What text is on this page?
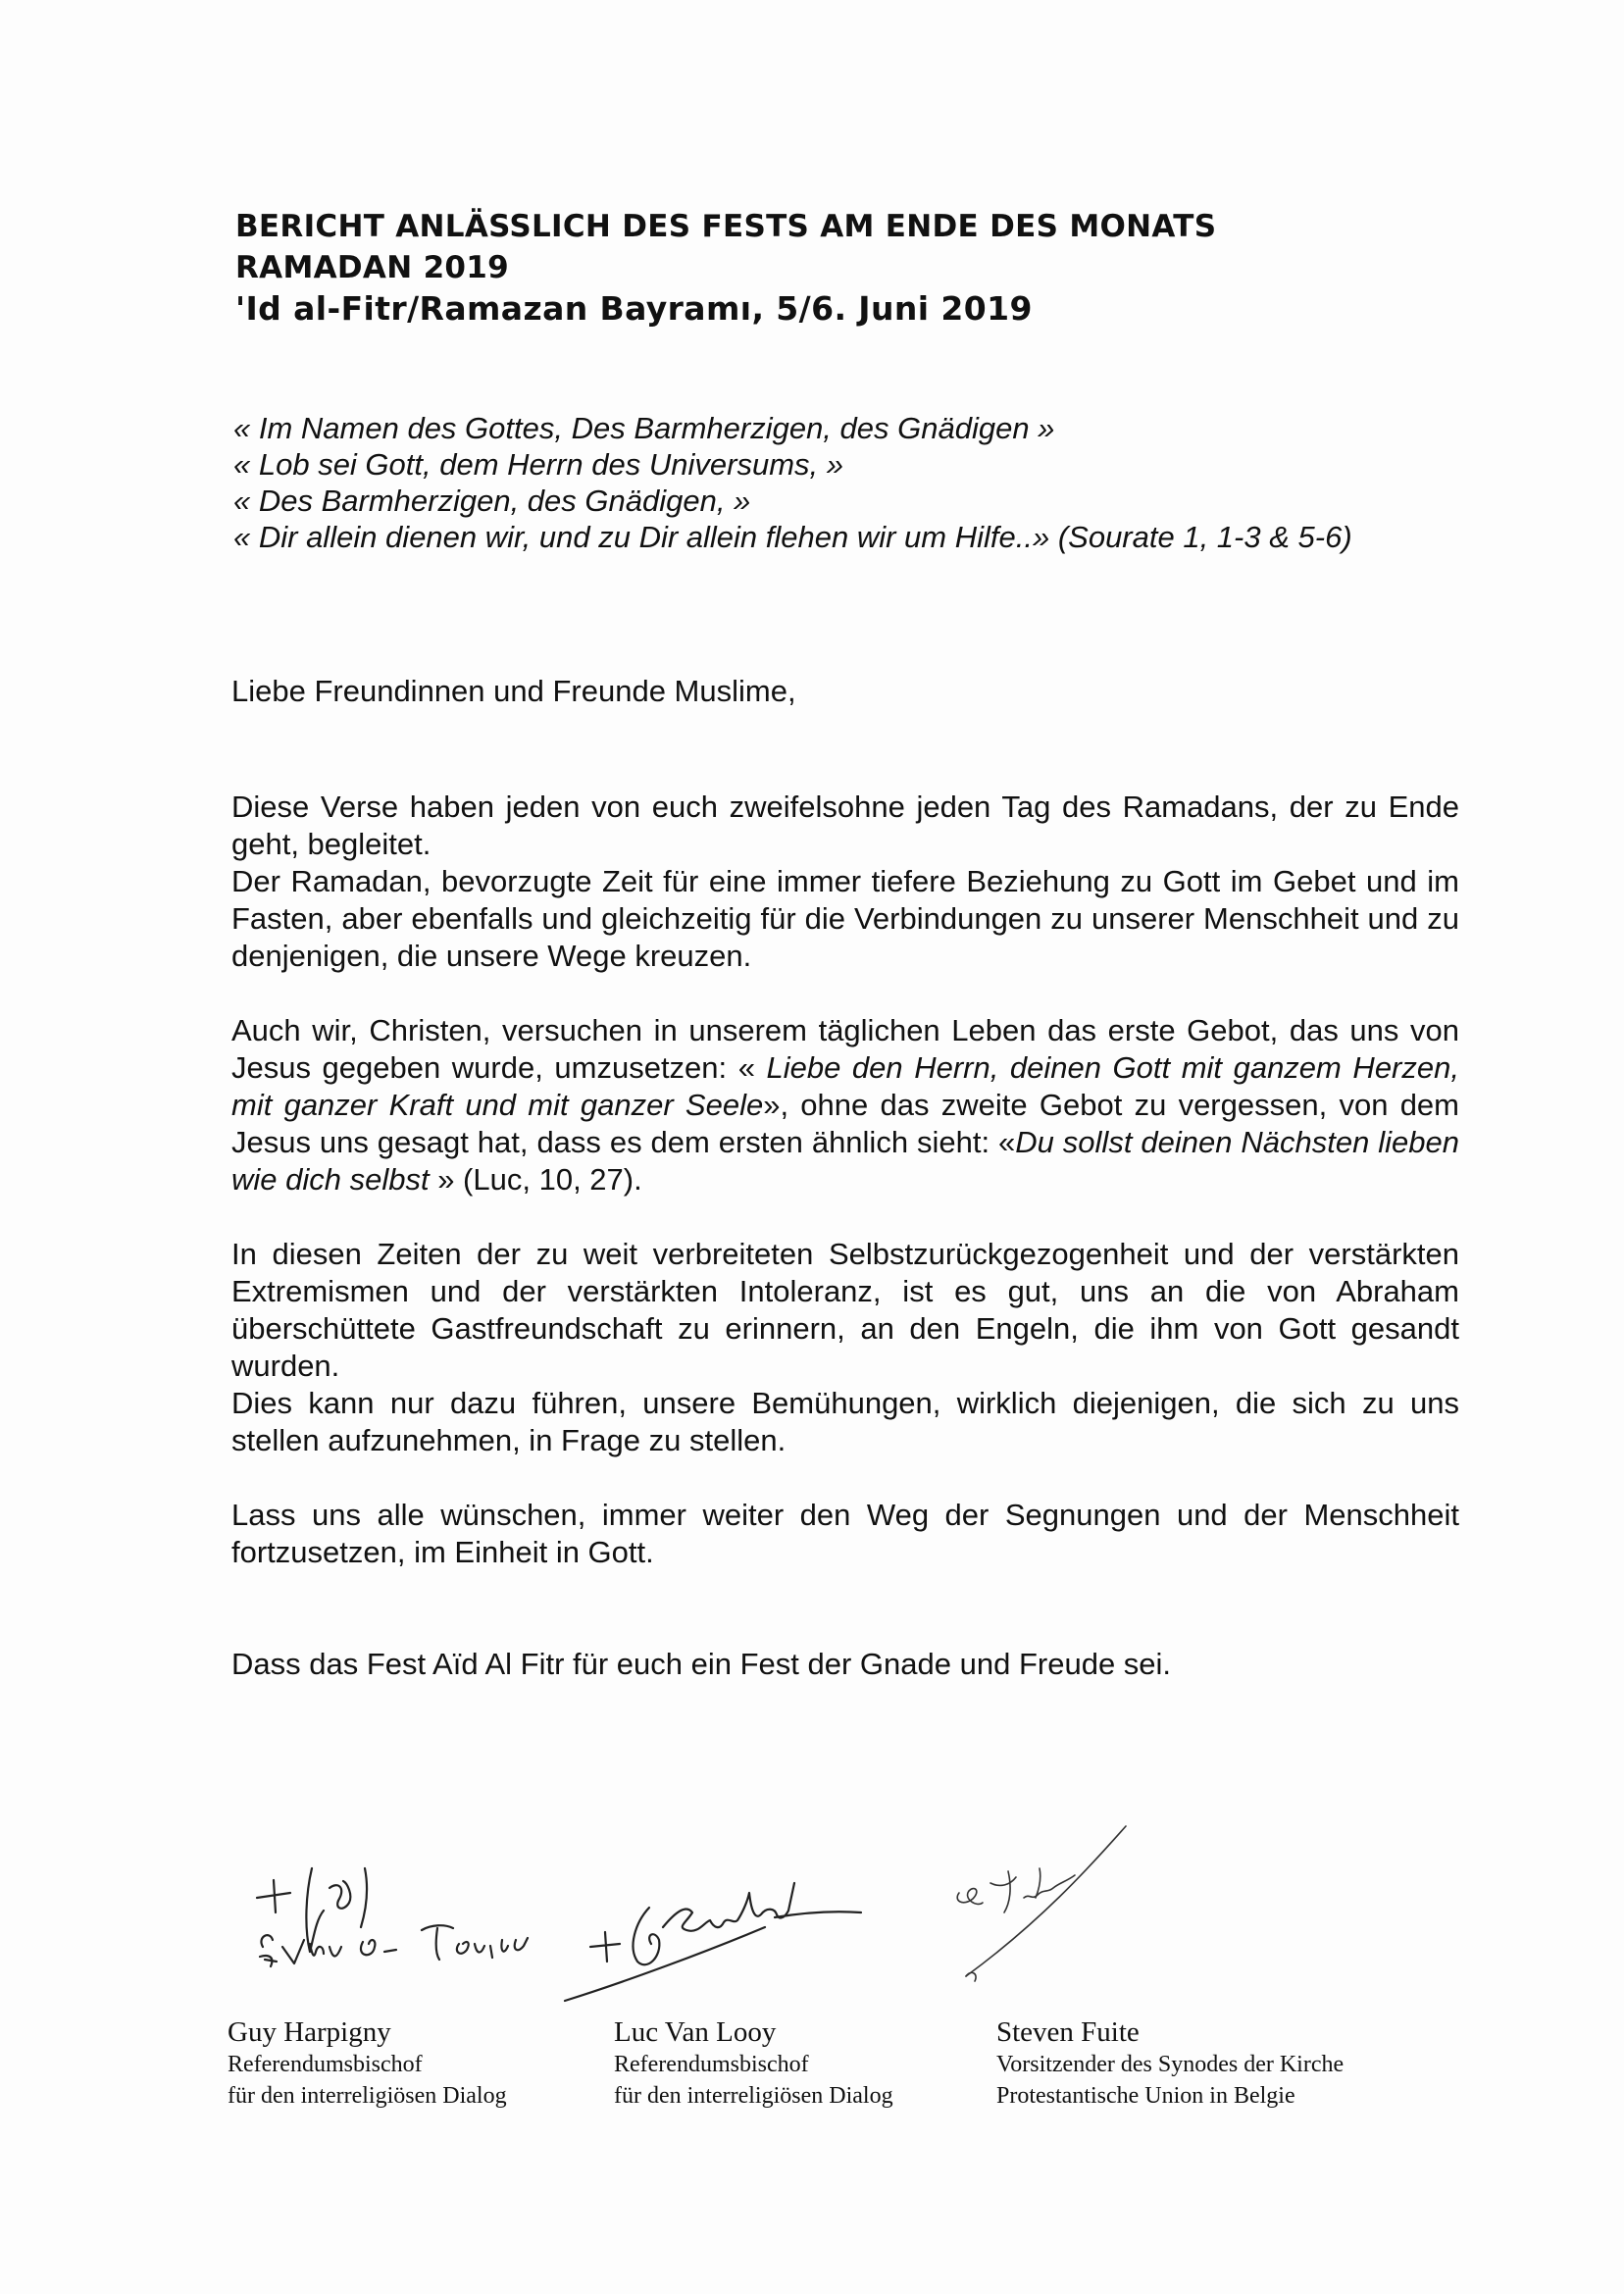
BERICHT ANLÄSSLICH DES FESTS AM ENDE DES MONATS
RAMADAN 2019
'Id al-Fitr/Ramazan Bayramı, 5/6. Juni 2019
« Im Namen des Gottes, Des Barmherzigen, des Gnädigen »
« Lob sei Gott, dem Herrn des Universums, »
« Des Barmherzigen, des Gnädigen, »
« Dir allein dienen wir, und zu Dir allein flehen wir um Hilfe..» (Sourate 1, 1-3 & 5-6)

Liebe Freundinnen und Freunde Muslime,

Diese Verse haben jeden von euch zweifelsohne jeden Tag des Ramadans, der zu Ende geht, begleitet.

Der Ramadan, bevorzugte Zeit für eine immer tiefere Beziehung zu Gott im Gebet und im Fasten, aber ebenfalls und gleichzeitig für die Verbindungen zu unserer Menschheit und zu denjenigen, die unsere Wege kreuzen.

Auch wir, Christen, versuchen in unserem täglichen Leben das erste Gebot, das uns von Jesus gegeben wurde, umzusetzen: « Liebe den Herrn, deinen Gott mit ganzem Herzen, mit ganzer Kraft und mit ganzer Seele», ohne das zweite Gebot zu vergessen, von dem Jesus uns gesagt hat, dass es dem ersten ähnlich sieht: «Du sollst deinen Nächsten lieben wie dich selbst » (Luc, 10, 27).

In diesen Zeiten der zu weit verbreiteten Selbstzurückgezogenheit und der verstärkten Extremismen und der verstärkten Intoleranz, ist es gut, uns an die von Abraham überschüttete Gastfreundschaft zu erinnern, an den Engeln, die ihm von Gott gesandt wurden.

Dies kann nur dazu führen, unsere Bemühungen, wirklich diejenigen, die sich zu uns stellen aufzunehmen, in Frage zu stellen.

Lass uns alle wünschen, immer weiter den Weg der Segnungen und der Menschheit fortzusetzen, im Einheit in Gott.

Dass das Fest Aïd Al Fitr für euch ein Fest der Gnade und Freude sei.

Guy Harpigny
Referendumsbischof
für den interreligiösen Dialog
Luc Van Looy
Referendumsbischof
für den interreligiösen Dialog
Steven Fuite
Vorsitzender des Synodes der Kirche
Protestantische Union in Belgie
